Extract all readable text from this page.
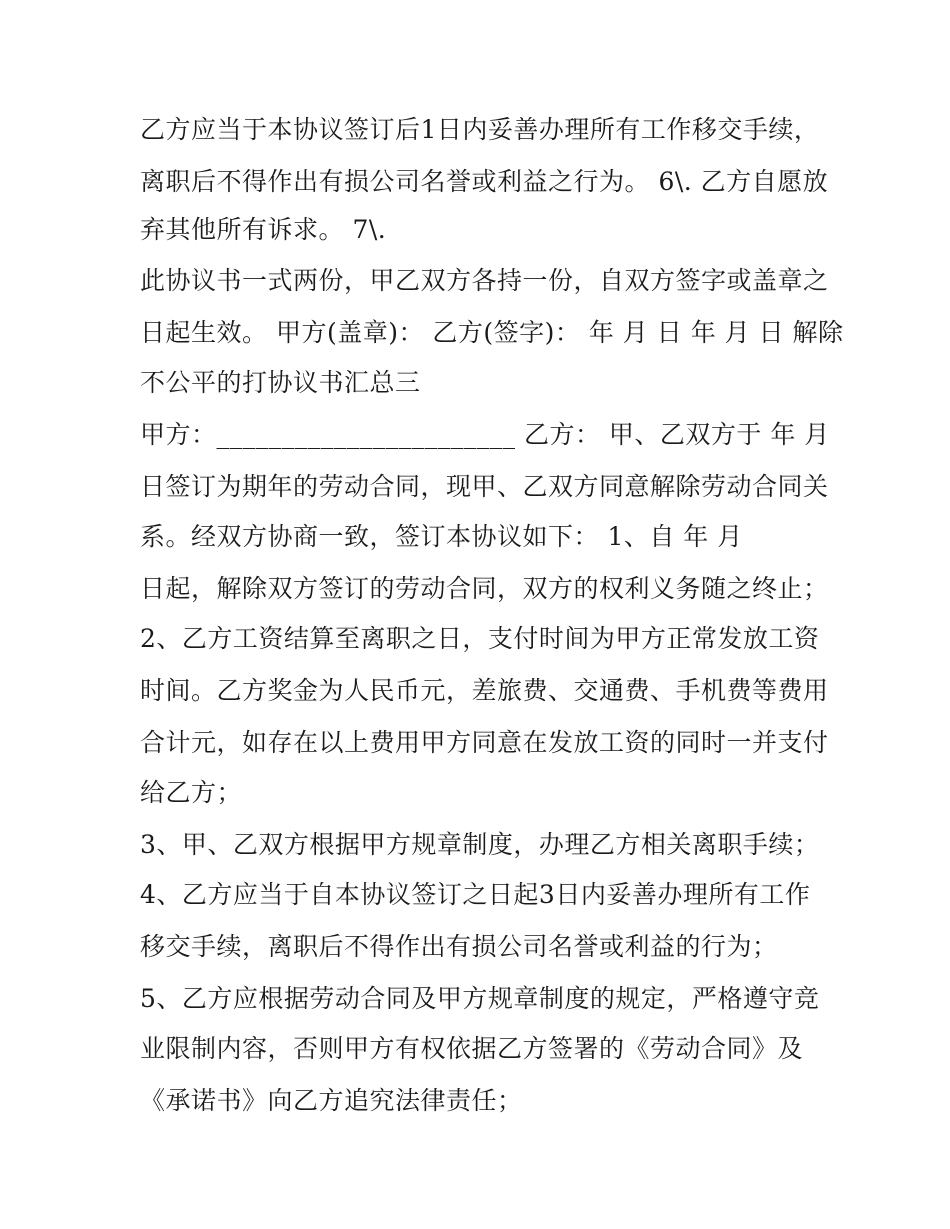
乙方应当于本协议签订后1日内妥善办理所有工作移交手续，
离职后不得作出有损公司名誉或利益之行为。 6\. 乙方自愿放
弃其他所有诉求。 7\.
此协议书一式两份，甲乙双方各持一份，自双方签字或盖章之
日起生效。 甲方(盖章)： 乙方(签字)： 年 月 日 年 月 日 解除
不公平的打协议书汇总三
甲方：_______________________ 乙方： 甲、乙双方于 年 月
日签订为期年的劳动合同，现甲、乙双方同意解除劳动合同关
系。经双方协商一致，签订本协议如下： 1、自 年 月
日起，解除双方签订的劳动合同，双方的权利义务随之终止；
2、乙方工资结算至离职之日，支付时间为甲方正常发放工资
时间。乙方奖金为人民币元，差旅费、交通费、手机费等费用
合计元，如存在以上费用甲方同意在发放工资的同时一并支付
给乙方；
3、甲、乙双方根据甲方规章制度，办理乙方相关离职手续；
4、乙方应当于自本协议签订之日起3日内妥善办理所有工作
移交手续，离职后不得作出有损公司名誉或利益的行为；
5、乙方应根据劳动合同及甲方规章制度的规定，严格遵守竞
业限制内容，否则甲方有权依据乙方签署的《劳动合同》及
《承诺书》向乙方追究法律责任；
